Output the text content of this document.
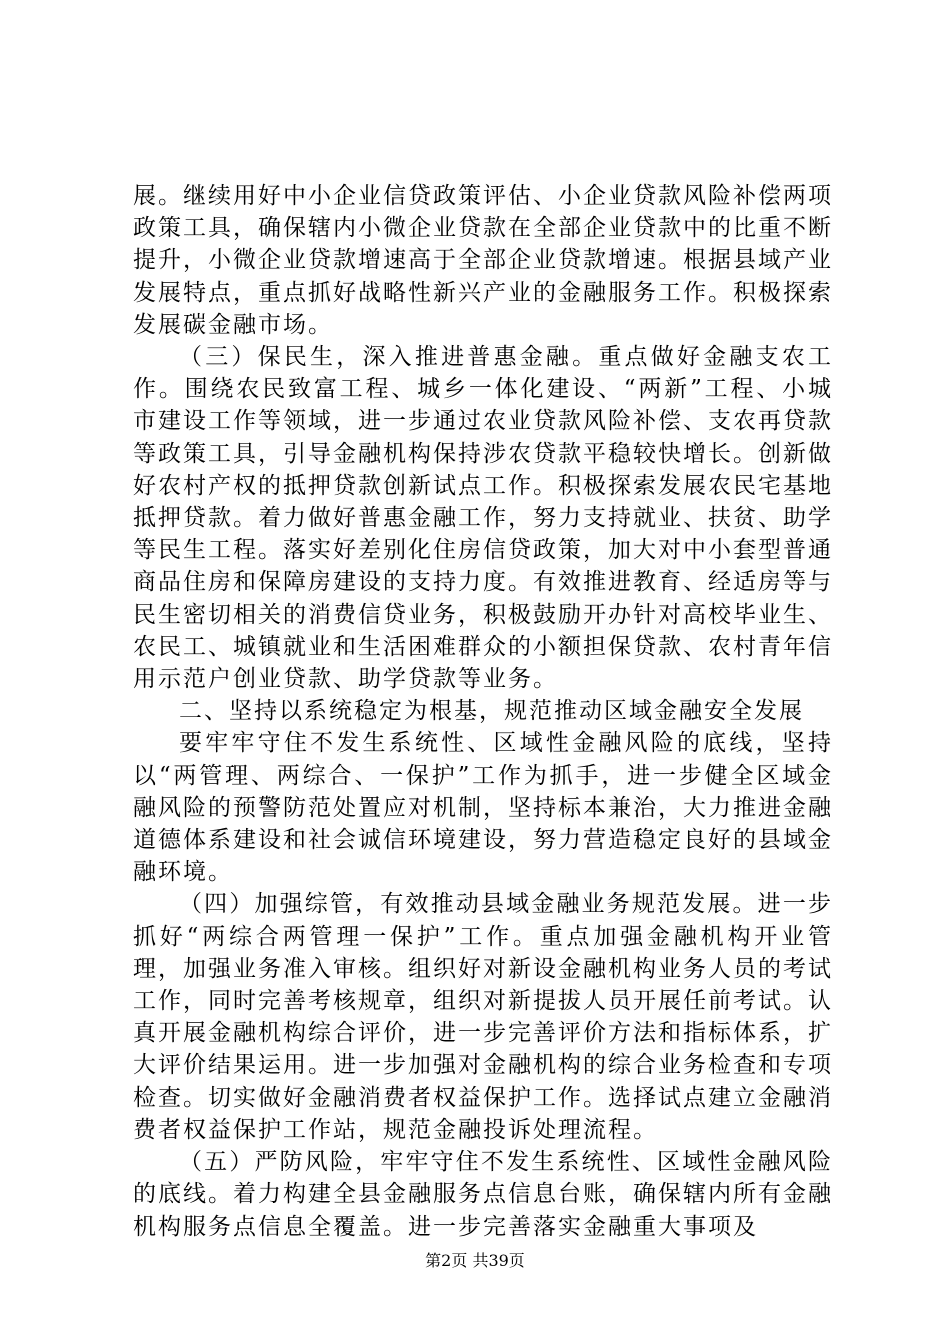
展。继续用好中小企业信贷政策评估、小企业贷款风险补偿两项政策工具，确保辖内小微企业贷款在全部企业贷款中的比重不断提升，小微企业贷款增速高于全部企业贷款增速。根据县域产业发展特点，重点抓好战略性新兴产业的金融服务工作。积极探索发展碳金融市场。

（三）保民生，深入推进普惠金融。重点做好金融支农工作。围绕农民致富工程、城乡一体化建设、“两新”工程、小城市建设工作等领域，进一步通过农业贷款风险补偿、支农再贷款等政策工具，引导金融机构保持涉农贷款平稳较快增长。创新做好农村产权的抵押贷款创新试点工作。积极探索发展农民宅基地抵押贷款。着力做好普惠金融工作，努力支持就业、扶贫、助学等民生工程。落实好差别化住房信贷政策，加大对中小套型普通商品住房和保障房建设的支持力度。有效推进教育、经适房等与民生密切相关的消费信贷业务，积极鼓励开办针对高校毕业生、农民工、城镇就业和生活困难群众的小额担保贷款、农村青年信用示范户创业贷款、助学贷款等业务。

二、坚持以系统稳定为根基，规范推动区域金融安全发展

要牢牢守住不发生系统性、区域性金融风险的底线，坚持以“两管理、两综合、一保护”工作为抓手，进一步健全区域金融风险的预警防范处置应对机制，坚持标本兼治，大力推进金融道德体系建设和社会诚信环境建设，努力营造稳定良好的县域金融环境。

（四）加强综管，有效推动县域金融业务规范发展。进一步抓好“两综合两管理一保护”工作。重点加强金融机构开业管理，加强业务准入审核。组织好对新设金融机构业务人员的考试工作，同时完善考核规章，组织对新提拔人员开展任前考试。认真开展金融机构综合评价，进一步完善评价方法和指标体系，扩大评价结果运用。进一步加强对金融机构的综合业务检查和专项检查。切实做好金融消费者权益保护工作。选择试点建立金融消费者权益保护工作站，规范金融投诉处理流程。

（五）严防风险，牢牢守住不发生系统性、区域性金融风险的底线。着力构建全县金融服务点信息台账，确保辖内所有金融机构服务点信息全覆盖。进一步完善落实金融重大事项及

第2页 共39页
